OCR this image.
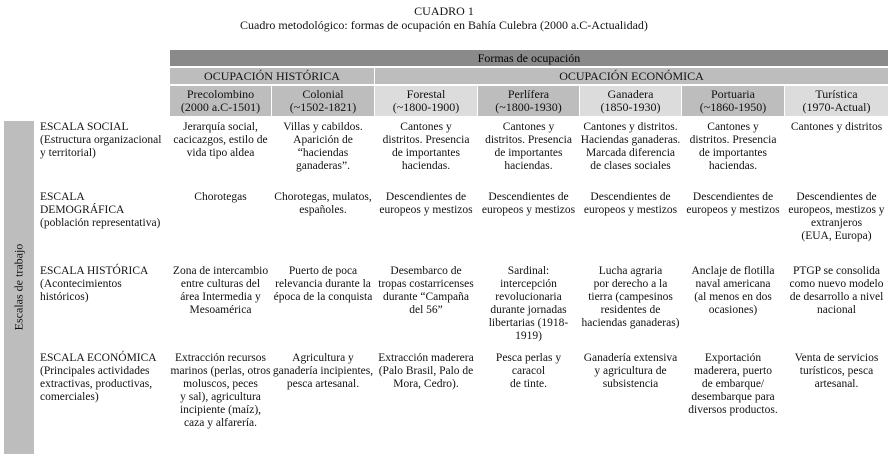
CUADRO 1
Cuadro metodológico: formas de ocupación en Bahía Culebra (2000 a.C-Actualidad)
Formas de ocupación
OCUPACIÓN HISTÓRICA	OCUPACIÓN ECONÓMICA
Escalas de trabajo
Precolombino
(2000 a.C-1501)
Colonial
(~1502-1821)
Forestal
(~1800-1900)
Perlífera
(~1800-1930)
Ganadera
(1850-1930)
Portuaria
(~1860-1950)
Turística
(1970-Actual)
ESCALA SOCIAL
(Estructura organizacional
y territorial)
Jerarquía social,
cacicazgos, estilo de
vida tipo aldea
Villas y cabildos.
Aparición de
“haciendas
ganaderas”.
Cantones y
distritos. Presencia
de importantes
haciendas.
Cantones y
distritos. Presencia
de importantes
haciendas.
Cantones y distritos.
Haciendas ganaderas.
Marcada diferencia
de clases sociales
Cantones y
distritos. Presencia
de importantes
haciendas.
Cantones y distritos
ESCALA
DEMOGRÁFICA
(población representativa)
Chorotegas	Chorotegas, mulatos,
españoles.
Descendientes de
europeos y mestizos
Descendientes de
europeos y mestizos
Descendientes de
europeos y mestizos
Descendientes de
europeos y mestizos
Descendientes de
europeos, mestizos y
extranjeros
(EUA, Europa)
ESCALA HISTÓRICA
(Acontecimientos
históricos)
Zona de intercambio
entre culturas del
área Intermedia y
Mesoamérica
Puerto de poca
relevancia durante la
época de la conquista
Desembarco de
tropas costarricenses
durante “Campaña
del 56”
Sardinal: intercepción
revolucionaria
durante jornadas
libertarias (1918-
1919)
Lucha agraria
por derecho a la
tierra (campesinos
residentes de
haciendas ganaderas)
Anclaje de flotilla
naval americana
(al menos en dos
ocasiones)
PTGP se consolida
como nuevo modelo
de desarrollo a nivel
nacional
ESCALA ECONÓMICA
(Principales actividades
extractivas, productivas,
comerciales)
Extracción recursos
marinos (perlas, otros
moluscos, peces
y sal), agricultura
incipiente (maíz),
caza y alfarería.
Agricultura y
ganadería incipientes,
pesca artesanal.
Extracción maderera
(Palo Brasil, Palo de
Mora, Cedro).
Pesca perlas y caracol
de tinte.
Ganadería extensiva
y agricultura de
subsistencia
Exportación
maderera, puerto
de embarque/
desembarque para
diversos productos.
Venta de servicios
turísticos, pesca
artesanal.
